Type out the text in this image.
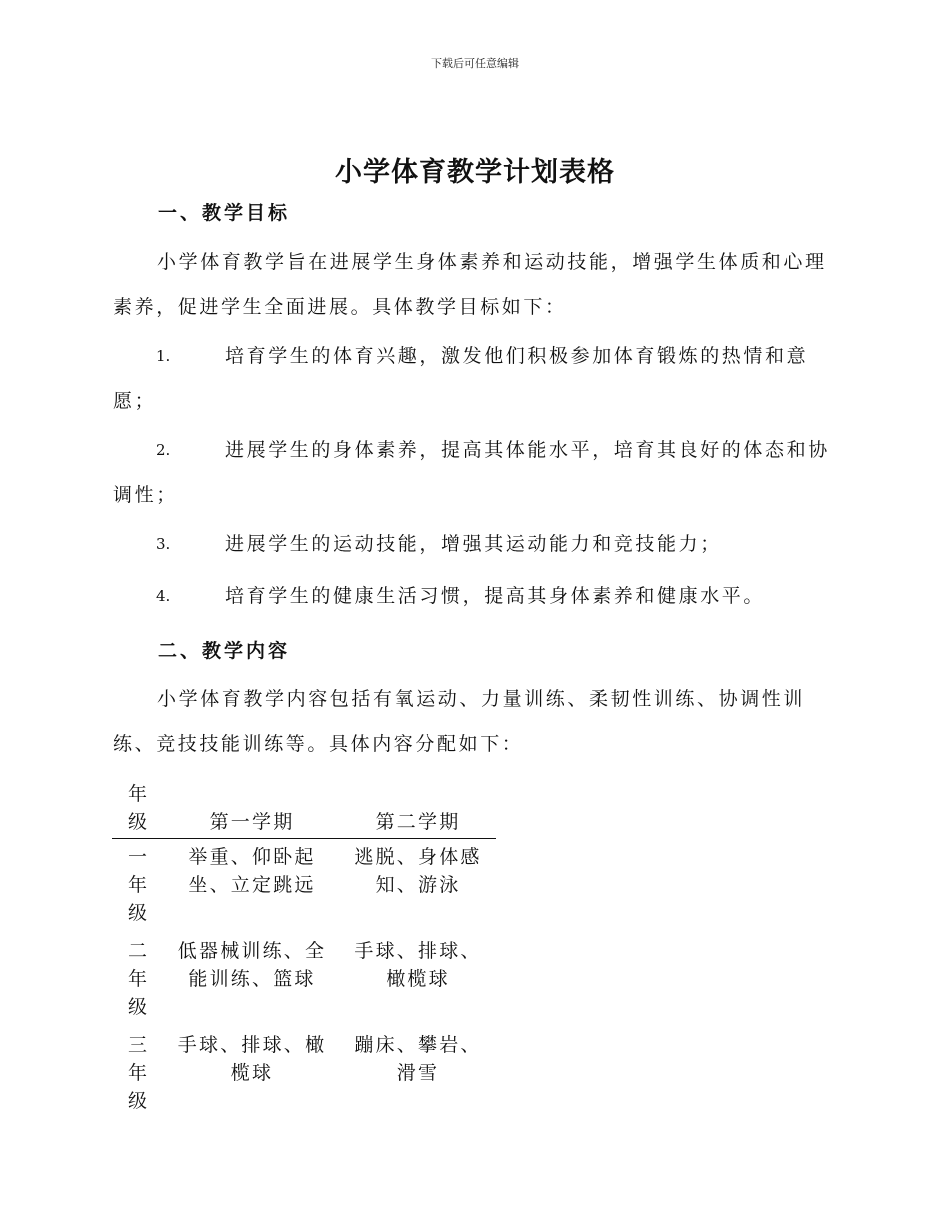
下载后可任意编辑
小学体育教学计划表格
一、教学目标

小学体育教学旨在进展学生身体素养和运动技能，增强学生体质和心理素养，促进学生全面进展。具体教学目标如下：

1.	培育学生的体育兴趣，激发他们积极参加体育锻炼的热情和意愿；
2.	进展学生的身体素养，提高其体能水平，培育其良好的体态和协调性；
3.	进展学生的运动技能，增强其运动能力和竞技能力；
4.	培育学生的健康生活习惯，提高其身体素养和健康水平。
二、教学内容

小学体育教学内容包括有氧运动、力量训练、柔韧性训练、协调性训练、竞技技能训练等。具体内容分配如下：

年级	第一学期	第二学期

一年级	举重、仰卧起坐、立定跳远	逃脱、身体感知、游泳

二年级	低器械训练、全能训练、篮球	手球、排球、橄榄球

三年级	手球、排球、橄榄球	蹦床、攀岩、滑雪
